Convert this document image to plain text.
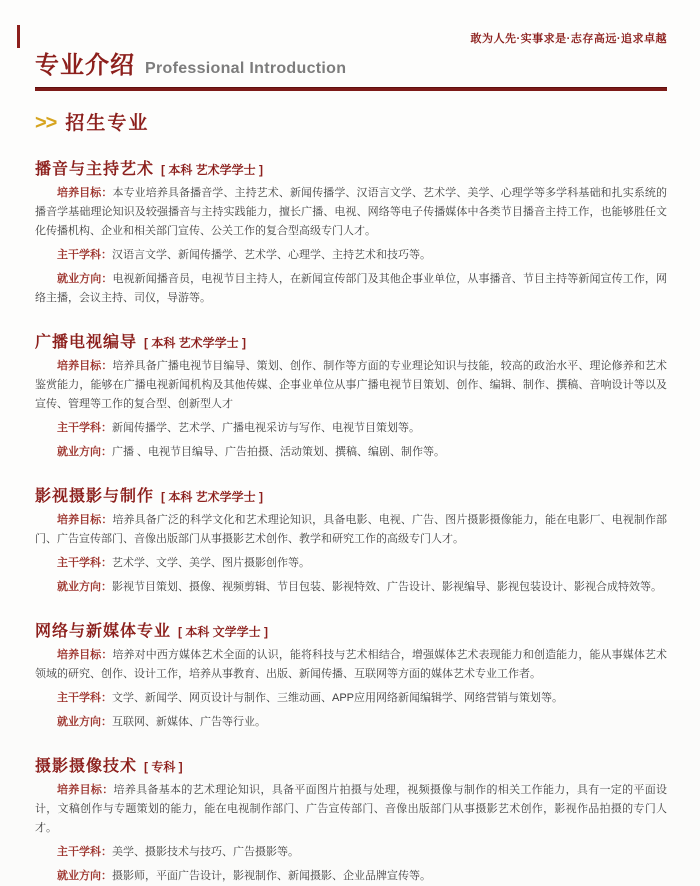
敢为人先·实事求是·志存高远·追求卓越
专业介绍 Professional Introduction
>> 招生专业
播音与主持艺术 [ 本科 艺术学学士 ]

培养目标：本专业培养具备播音学、主持艺术、新闻传播学、汉语言文学、艺术学、美学、心理学等多学科基础和扎实系统的播音学基础理论知识及较强播音与主持实践能力，擅长广播、电视、网络等电子传播媒体中各类节目播音主持工作，也能够胜任文化传播机构、企业和相关部门宣传、公关工作的复合型高级专门人才。

主干学科：汉语言文学、新闻传播学、艺术学、心理学、主持艺术和技巧等。

就业方向：电视新闻播音员，电视节目主持人，在新闻宣传部门及其他企事业单位，从事播音、节目主持等新闻宣传工作，网络主播，会议主持、司仪，导游等。

广播电视编导 [ 本科 艺术学学士 ]

培养目标：培养具备广播电视节目编导、策划、创作、制作等方面的专业理论知识与技能，较高的政治水平、理论修养和艺术鉴赏能力，能够在广播电视新闻机构及其他传媒、企事业单位从事广播电视节目策划、创作、编辑、制作、撰稿、音响设计等以及宣传、管理等工作的复合型、创新型人才

主干学科：新闻传播学、艺术学、广播电视采访与写作、电视节目策划等。

就业方向：广播 、电视节目编导、广告拍摄、活动策划、撰稿、编剧、制作等。

影视摄影与制作 [ 本科 艺术学学士 ]

培养目标：培养具备广泛的科学文化和艺术理论知识，具备电影、电视、广告、图片摄影摄像能力，能在电影厂、电视制作部门、广告宣传部门、音像出版部门从事摄影艺术创作、教学和研究工作的高级专门人才。

主干学科：艺术学、文学、美学、图片摄影创作等。

就业方向：影视节目策划、摄像、视频剪辑、节目包装、影视特效、广告设计、影视编导、影视包装设计、影视合成特效等。

网络与新媒体专业 [ 本科 文学学士 ]

培养目标：培养对中西方媒体艺术全面的认识，能将科技与艺术相结合，增强媒体艺术表现能力和创造能力，能从事媒体艺术领域的研究、创作、设计工作，培养从事教育、出版、新闻传播、互联网等方面的媒体艺术专业工作者。

主干学科：文学、新闻学、网页设计与制作、三维动画、APP应用网络新闻编辑学、网络营销与策划等。

就业方向：互联网、新媒体、广告等行业。

摄影摄像技术 [ 专科 ]

培养目标：培养具备基本的艺术理论知识，具备平面图片拍摄与处理，视频摄像与制作的相关工作能力，具有一定的平面设计，文稿创作与专题策划的能力，能在电视制作部门、广告宣传部门、音像出版部门从事摄影艺术创作，影视作品拍摄的专门人才。

主干学科：美学、摄影技术与技巧、广告摄影等。

就业方向：摄影师，平面广告设计，影视制作、新闻摄影、企业品牌宣传等。
